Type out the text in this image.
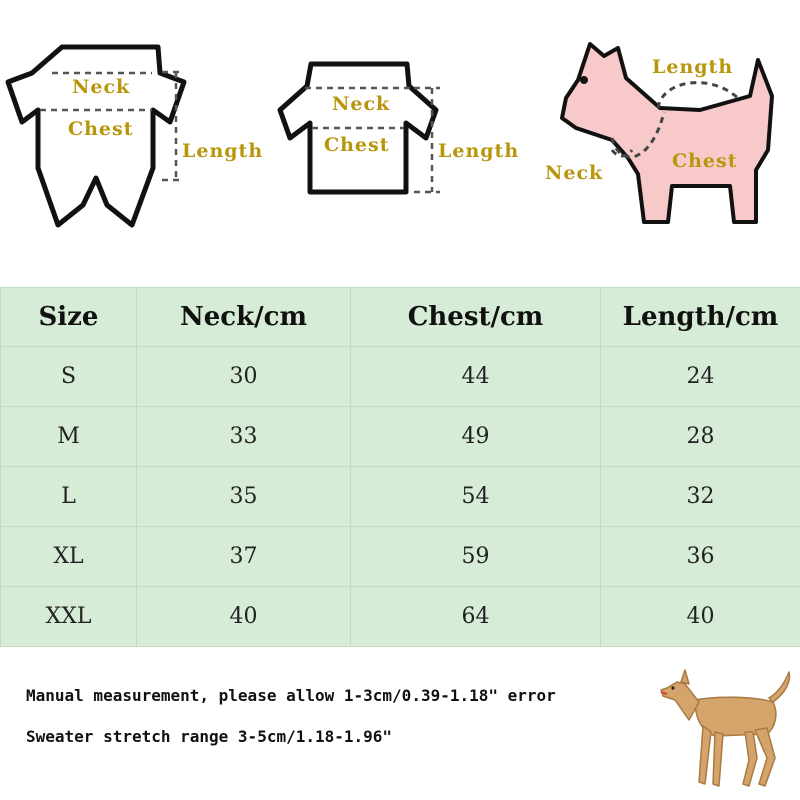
Neck
Chest
Length
Neck
Chest	Length
Length
Neck
Chest
Size	Neck/cm	Chest/cm	Length/cm
S	30	44	24
M	33	49	28
L	35	54	32
XL	37	59	36
XXL	40	64	40
Manual measurement, please allow 1-3cm/0.39-1.18" error
Sweater stretch range 3-5cm/1.18-1.96"
